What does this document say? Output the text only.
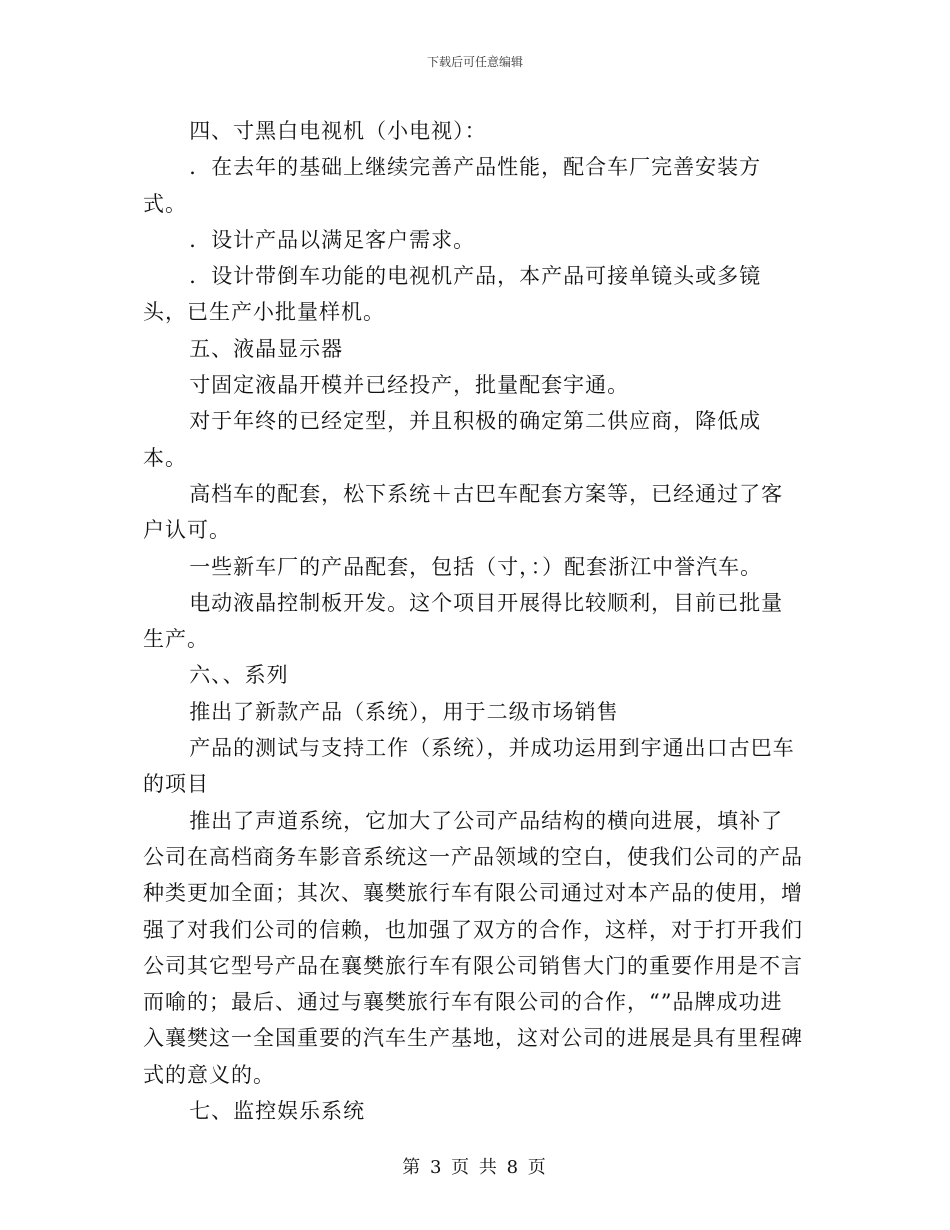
下载后可任意编辑

四、寸黑白电视机（小电视）：

．在去年的基础上继续完善产品性能，配合车厂完善安装方式。

．设计产品以满足客户需求。

．设计带倒车功能的电视机产品，本产品可接单镜头或多镜头，已生产小批量样机。

五、液晶显示器

寸固定液晶开模并已经投产，批量配套宇通。

对于年终的已经定型，并且积极的确定第二供应商，降低成本。

高档车的配套，松下系统＋古巴车配套方案等，已经通过了客户认可。

一些新车厂的产品配套，包括（寸，：）配套浙江中誉汽车。

电动液晶控制板开发。这个项目开展得比较顺利，目前已批量生产。

六、、系列

推出了新款产品（系统），用于二级市场销售

产品的测试与支持工作（系统），并成功运用到宇通出口古巴车的项目

推出了声道系统，它加大了公司产品结构的横向进展，填补了公司在高档商务车影音系统这一产品领域的空白，使我们公司的产品种类更加全面；其次、襄樊旅行车有限公司通过对本产品的使用，增强了对我们公司的信赖，也加强了双方的合作，这样，对于打开我们公司其它型号产品在襄樊旅行车有限公司销售大门的重要作用是不言而喻的；最后、通过与襄樊旅行车有限公司的合作，“”品牌成功进入襄樊这一全国重要的汽车生产基地，这对公司的进展是具有里程碑式的意义的。

七、监控娱乐系统

第 3 页 共 8 页
